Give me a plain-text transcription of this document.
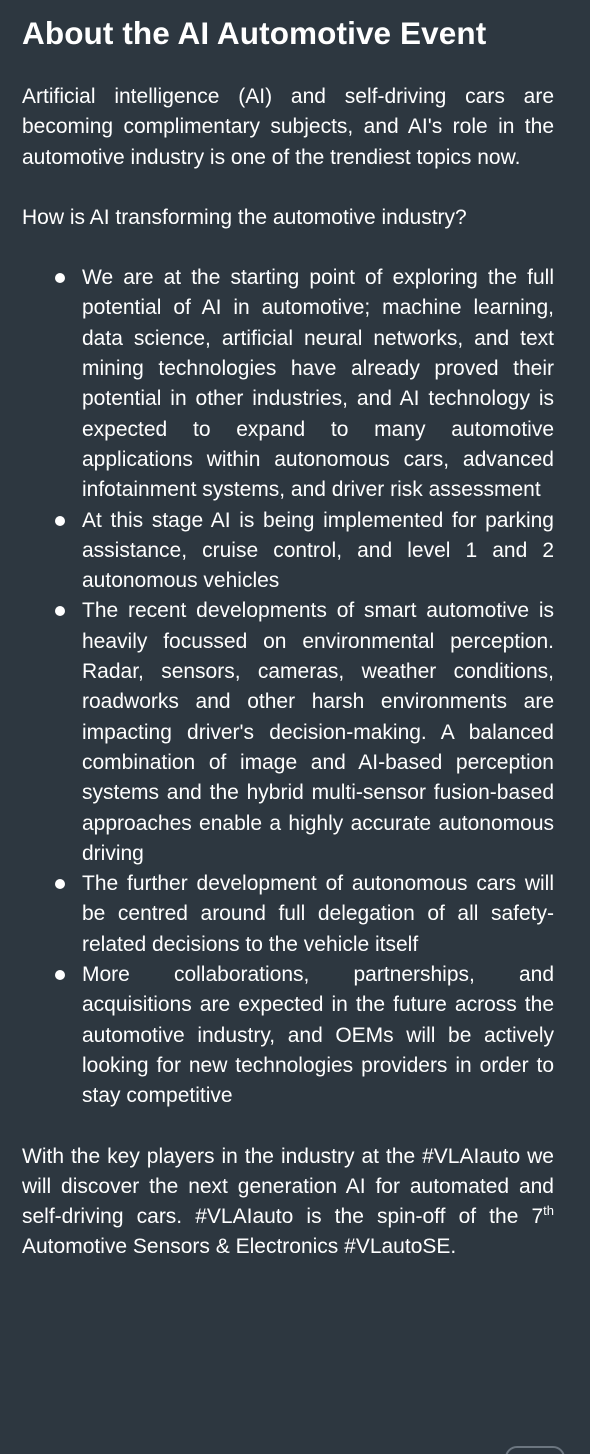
About the AI Automotive Event

Artificial intelligence (AI) and self-driving cars are becoming complimentary subjects, and AI's role in the automotive industry is one of the trendiest topics now.

How is AI transforming the automotive industry?

We are at the starting point of exploring the full potential of AI in automotive; machine learning, data science, artificial neural networks, and text mining technologies have already proved their potential in other industries, and AI technology is expected to expand to many automotive applications within autonomous cars, advanced infotainment systems, and driver risk assessment
At this stage AI is being implemented for parking assistance, cruise control, and level 1 and 2 autonomous vehicles
The recent developments of smart automotive is heavily focussed on environmental perception. Radar, sensors, cameras, weather conditions, roadworks and other harsh environments are impacting driver's decision-making. A balanced combination of image and AI-based perception systems and the hybrid multi-sensor fusion-based approaches enable a highly accurate autonomous driving
The further development of autonomous cars will be centred around full delegation of all safety-related decisions to the vehicle itself
More collaborations, partnerships, and acquisitions are expected in the future across the automotive industry, and OEMs will be actively looking for new technologies providers in order to stay competitive

With the key players in the industry at the #VLAIauto we will discover the next generation AI for automated and self-driving cars. #VLAIauto is the spin-off of the 7th Automotive Sensors & Electronics #VLautoSE.
